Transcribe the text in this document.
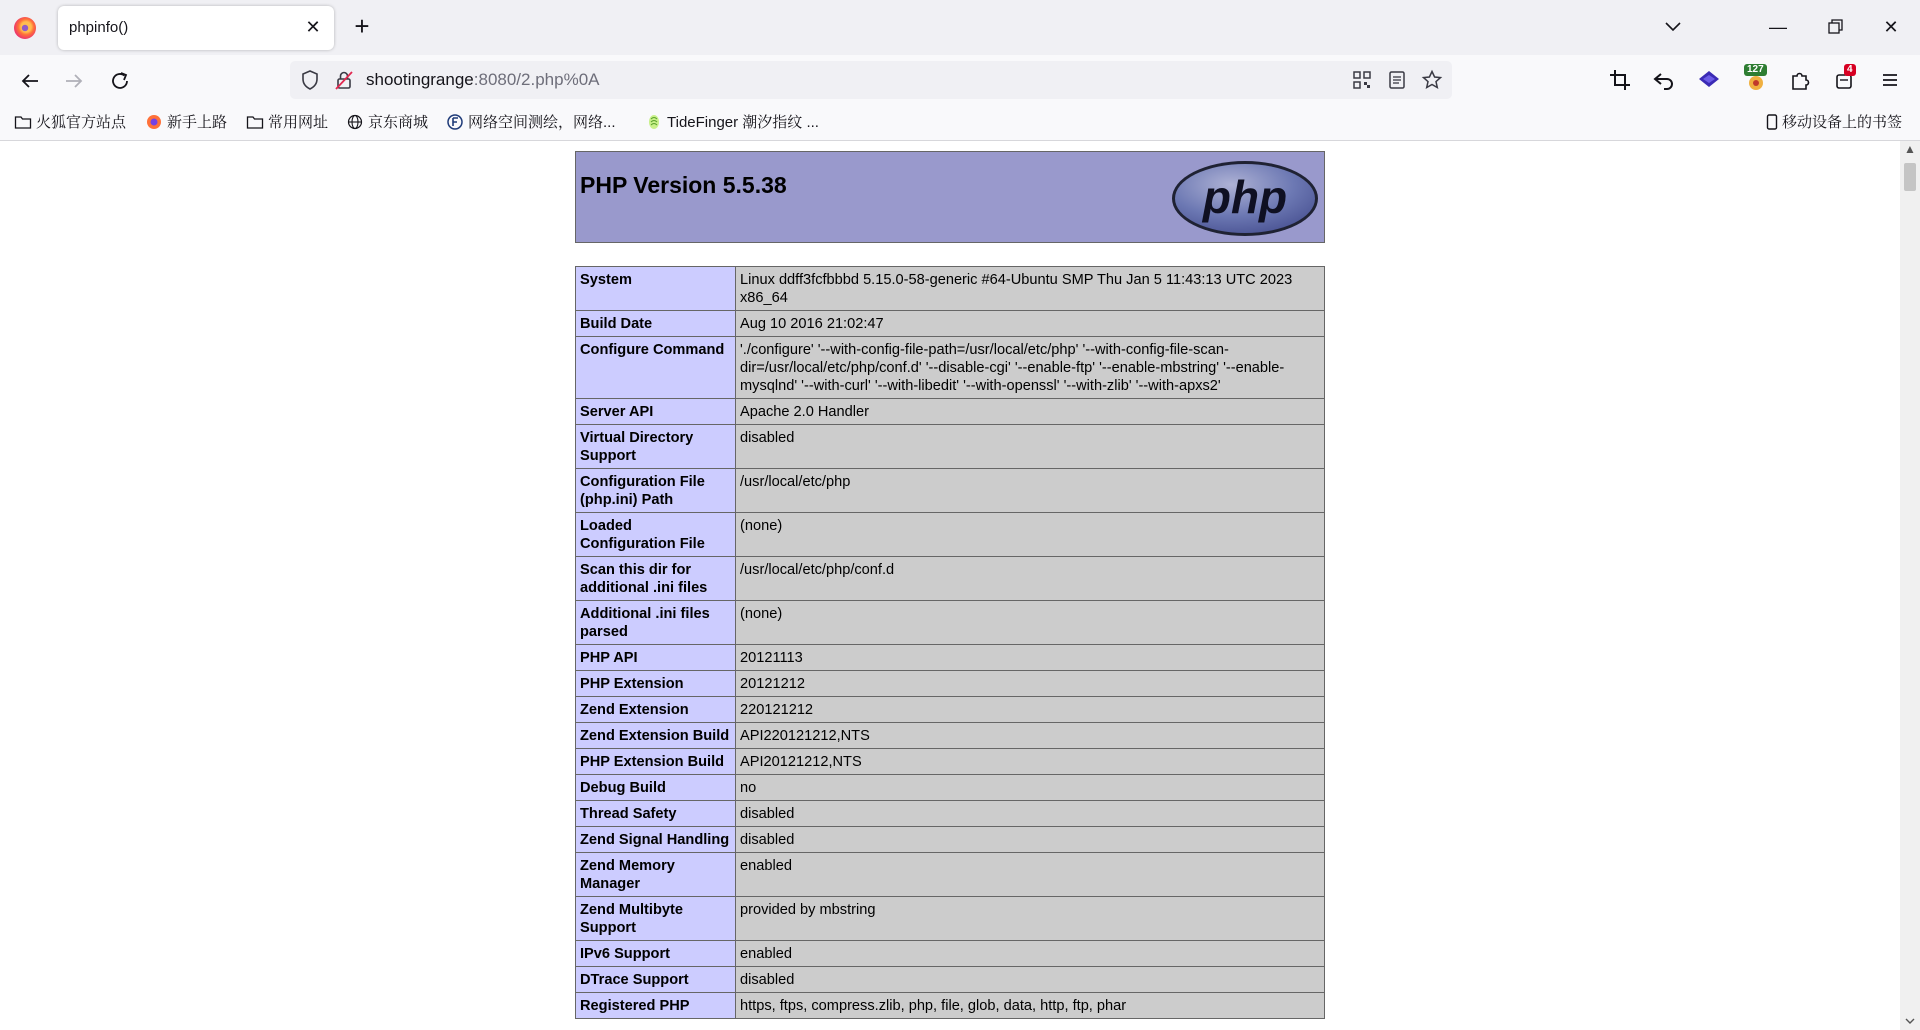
phpinfo()	✕ +	—	✕
shootingrange:8080/2.php%0A
127	4
火狐官方站点	新手上路	常用网址	京东商城	网络空间测绘，网络...	TideFinger 潮汐指纹 ...	移动设备上的书签
PHP Version 5.5.38	php
System	Linux ddff3fcfbbbd 5.15.0-58-generic #64-Ubuntu SMP Thu Jan 5 11:43:13 UTC 2023 x86_64
Build Date	Aug 10 2016 21:02:47
Configure Command	'./configure' '--with-config-file-path=/usr/local/etc/php' '--with-config-file-scan-dir=/usr/local/etc/php/conf.d' '--disable-cgi' '--enable-ftp' '--enable-mbstring' '--enable-mysqlnd' '--with-curl' '--with-libedit' '--with-openssl' '--with-zlib' '--with-apxs2'
Server API	Apache 2.0 Handler
Virtual Directory Support	disabled
Configuration File (php.ini) Path	/usr/local/etc/php
Loaded Configuration File	(none)
Scan this dir for additional .ini files	/usr/local/etc/php/conf.d
Additional .ini files parsed	(none)
PHP API	20121113
PHP Extension	20121212
Zend Extension	220121212
Zend Extension Build	API220121212,NTS
PHP Extension Build	API20121212,NTS
Debug Build	no
Thread Safety	disabled
Zend Signal Handling	disabled
Zend Memory Manager	enabled
Zend Multibyte Support	provided by mbstring
IPv6 Support	enabled
DTrace Support	disabled
Registered PHP	https, ftps, compress.zlib, php, file, glob, data, http, ftp, phar
▲
